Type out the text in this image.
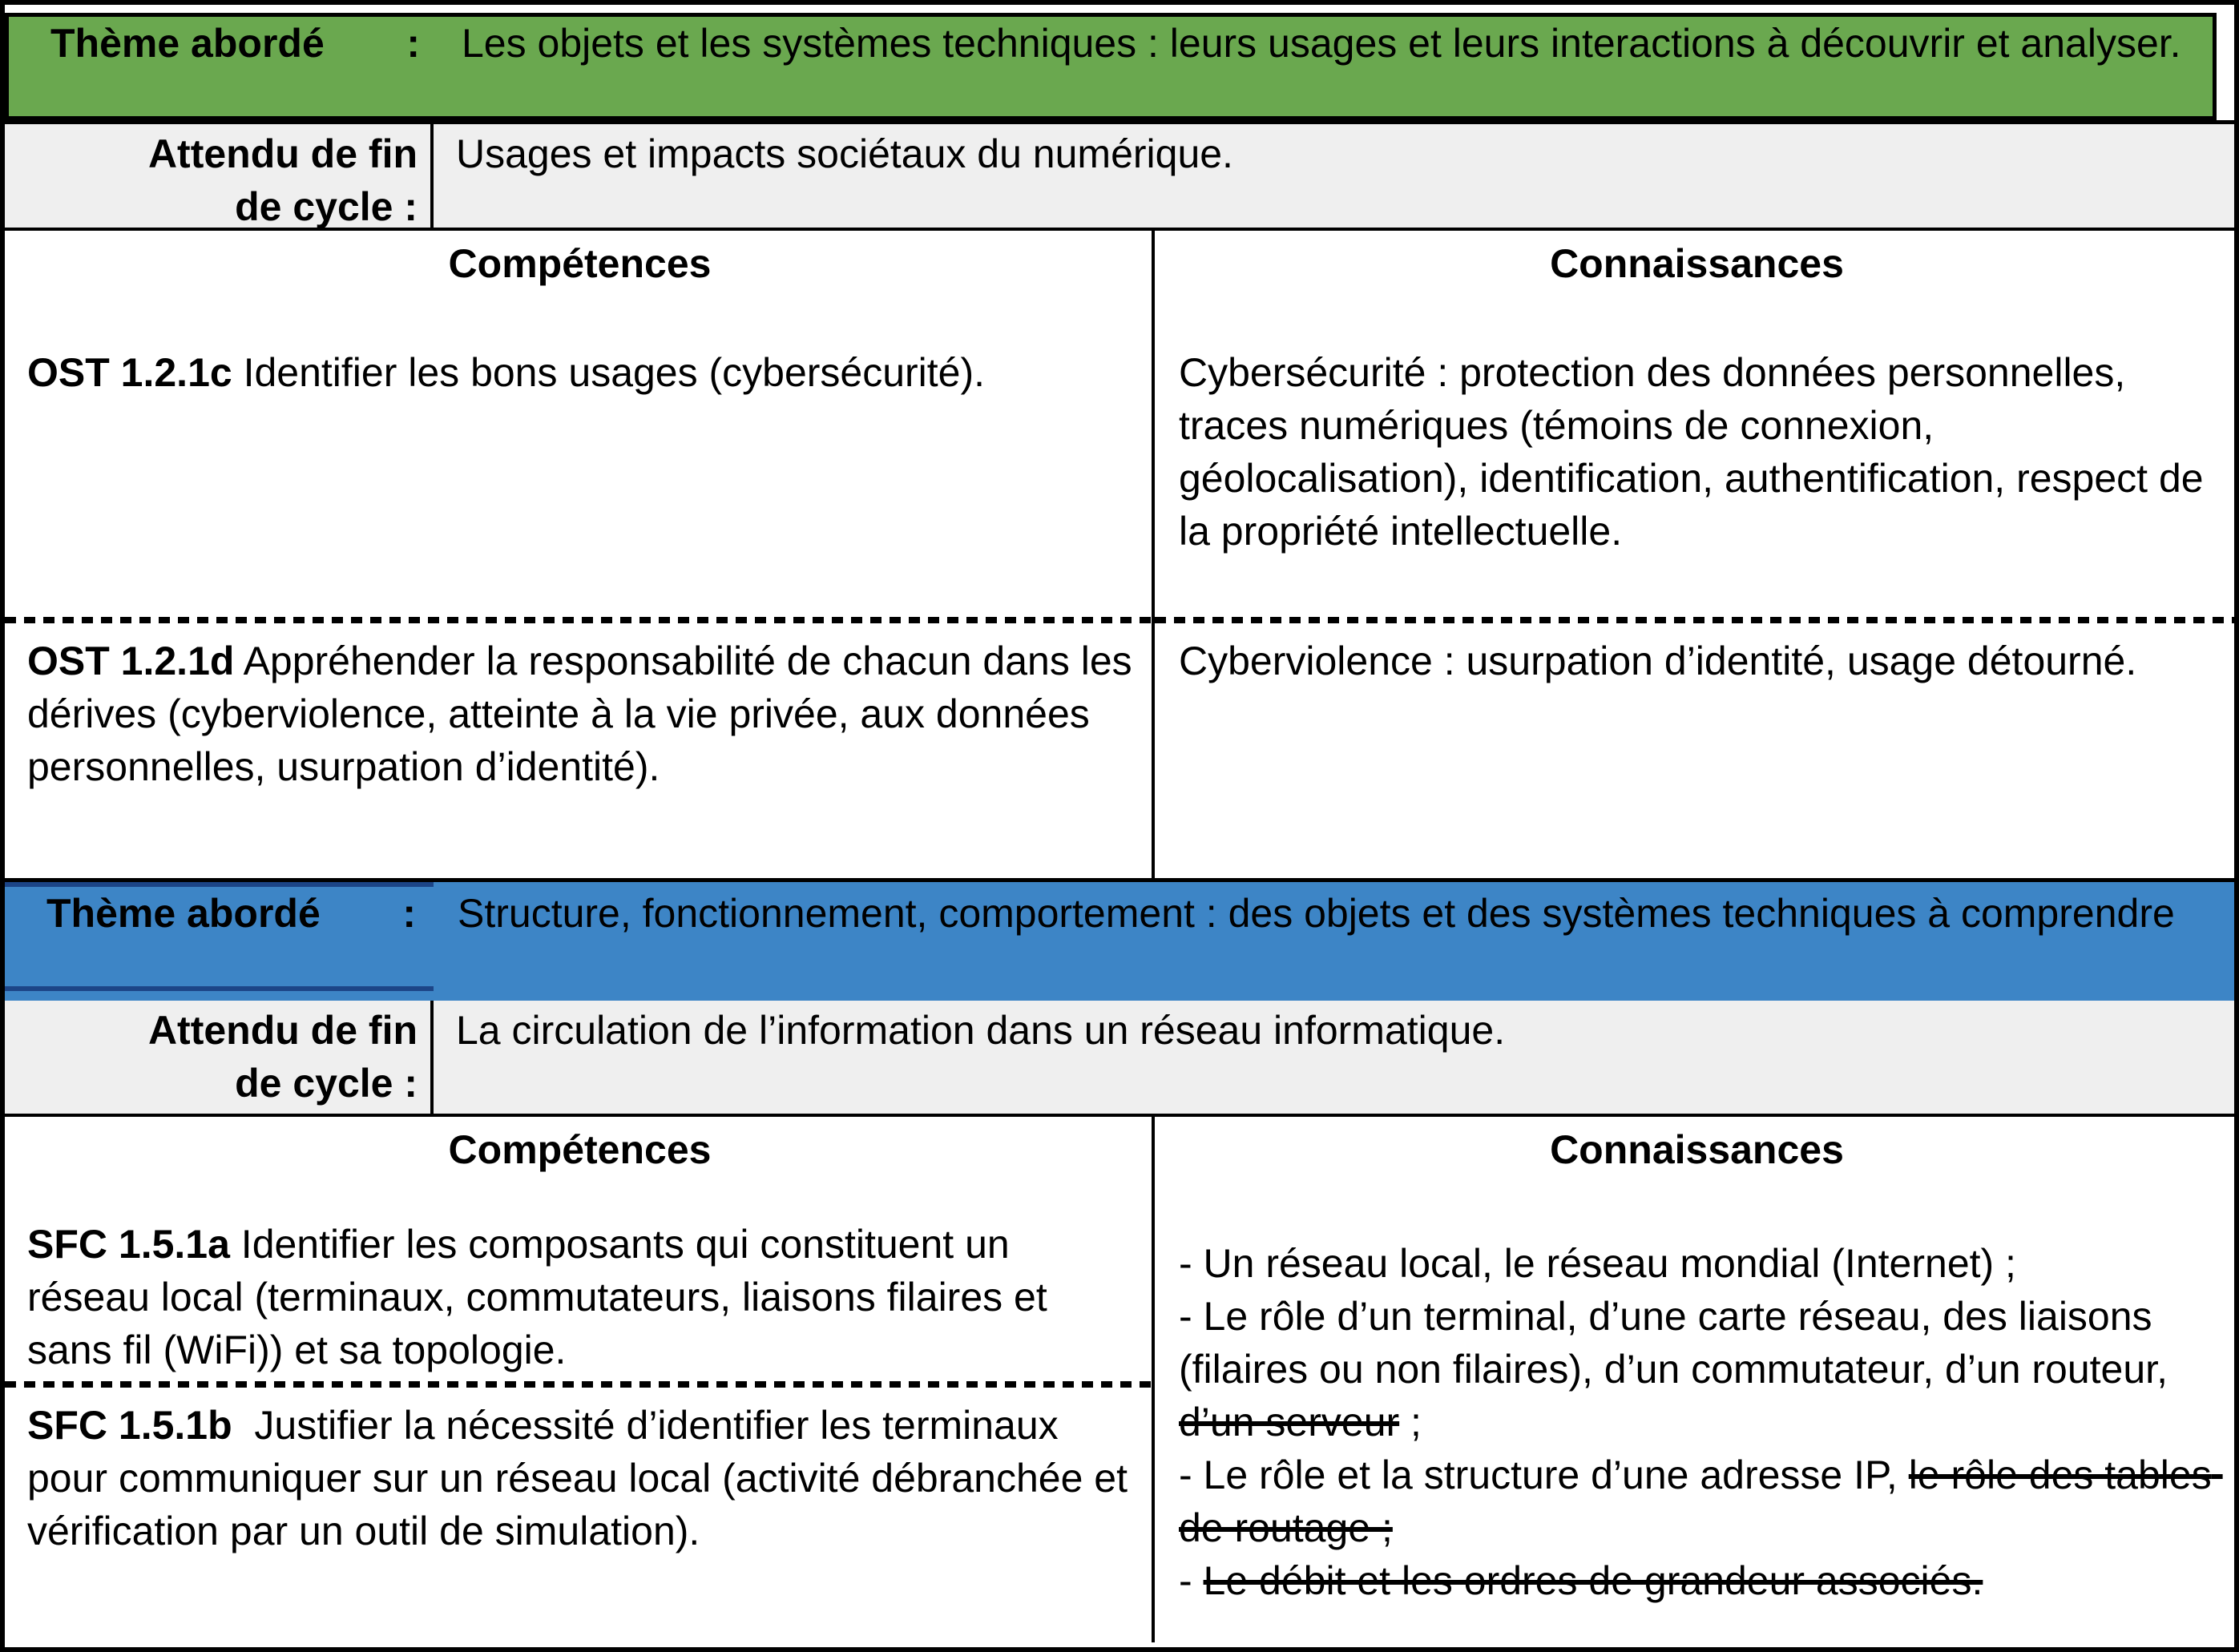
Thème abordé :	Les objets et les systèmes techniques : leurs usages et leurs interactions à découvrir et analyser.
Attendu de fin
de cycle :
Usages et impacts sociétaux du numérique.
Compétences
OST 1.2.1c Identifier les bons usages (cybersécurité).
OST 1.2.1d Appréhender la responsabilité de chacun dans les dérives (cyberviolence, atteinte à la vie privée, aux données personnelles, usurpation d’identité).
Connaissances
Cybersécurité : protection des données personnelles, traces numériques (témoins de connexion, géolocalisation), identification, authentification, respect de la propriété intellectuelle.
Cyberviolence : usurpation d’identité, usage détourné.
Thème abordé :	Structure, fonctionnement, comportement : des objets et des systèmes techniques à comprendre
Attendu de fin
de cycle :
La circulation de l’information dans un réseau informatique.
Compétences
SFC 1.5.1a Identifier les composants qui constituent un réseau local (terminaux, commutateurs, liaisons filaires et sans fil (WiFi)) et sa topologie.
SFC 1.5.1b  Justifier la nécessité d’identifier les terminaux pour communiquer sur un réseau local (activité débranchée et vérification par un outil de simulation).
Connaissances
- Un réseau local, le réseau mondial (Internet) ;
- Le rôle d’un terminal, d’une carte réseau, des liaisons (filaires ou non filaires), d’un commutateur, d’un routeur, d’un serveur ;
- Le rôle et la structure d’une adresse IP, le rôle des tables de routage ;
- Le débit et les ordres de grandeur associés.
